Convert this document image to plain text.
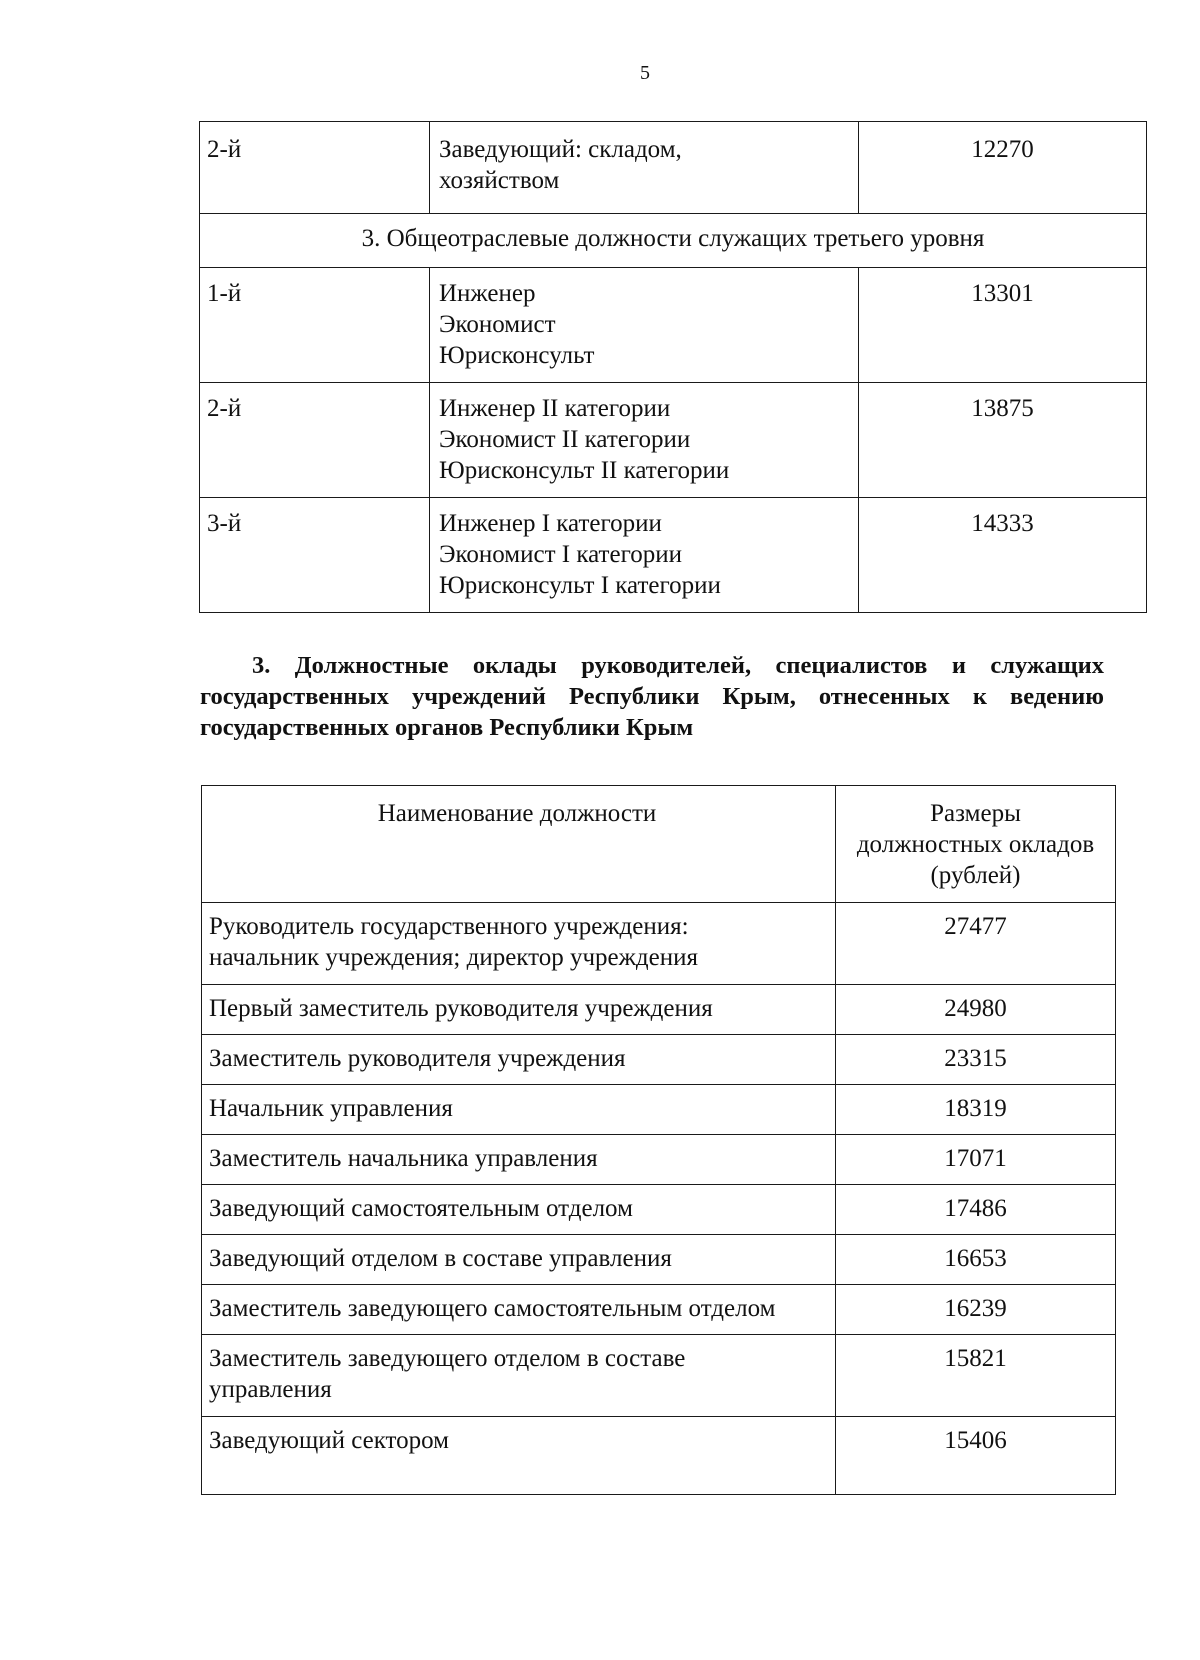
5
2-й	Заведующий: складом,
хозяйством	12270
3. Общеотраслевые должности служащих третьего уровня		
1-й	Инженер
Экономист
Юрисконсульт	13301
2-й	Инженер II категории
Экономист II категории
Юрисконсульт II категории	13875
3-й	Инженер I категории
Экономист I категории
Юрисконсульт I категории	14333

3. Должностные оклады руководителей, специалистов и служащих государственных учреждений Республики Крым, отнесенных к ведению государственных органов Республики Крым

Наименование должности	Размеры
должностных окладов
(рублей)

Руководитель государственного учреждения:
начальник учреждения; директор учреждения	27477
Первый заместитель руководителя учреждения	24980
Заместитель руководителя учреждения	23315
Начальник управления	18319
Заместитель начальника управления	17071
Заведующий самостоятельным отделом	17486
Заведующий отделом в составе управления	16653
Заместитель заведующего самостоятельным отделом	16239

Заместитель заведующего отделом в составе
управления	15821
Заведующий сектором	15406
